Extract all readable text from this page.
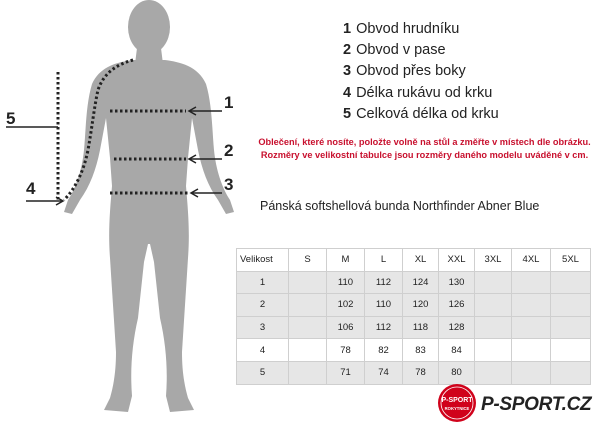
1
2
3
4
5
1 Obvod hrudníku
2 Obvod v pase
3 Obvod přes boky
4 Délka rukávu od krku
5 Celková délka od krku
Oblečení, které nosíte, položte volně na stůl a změřte v místech dle obrázku.
Rozměry ve velikostní tabulce jsou rozměry daného modelu uváděné v cm.
Pánská softshellová bunda Northfinder Abner Blue
Velikost	S	M	L	XL	XXL	3XL	4XL	5XL
1		110	112	124	130			
2		102	110	120	126			
3		106	112	118	128			
4		78	82	83	84			
5		71	74	78	80			
P-SPORT
ROKYTNICE P-SPORT.CZ
